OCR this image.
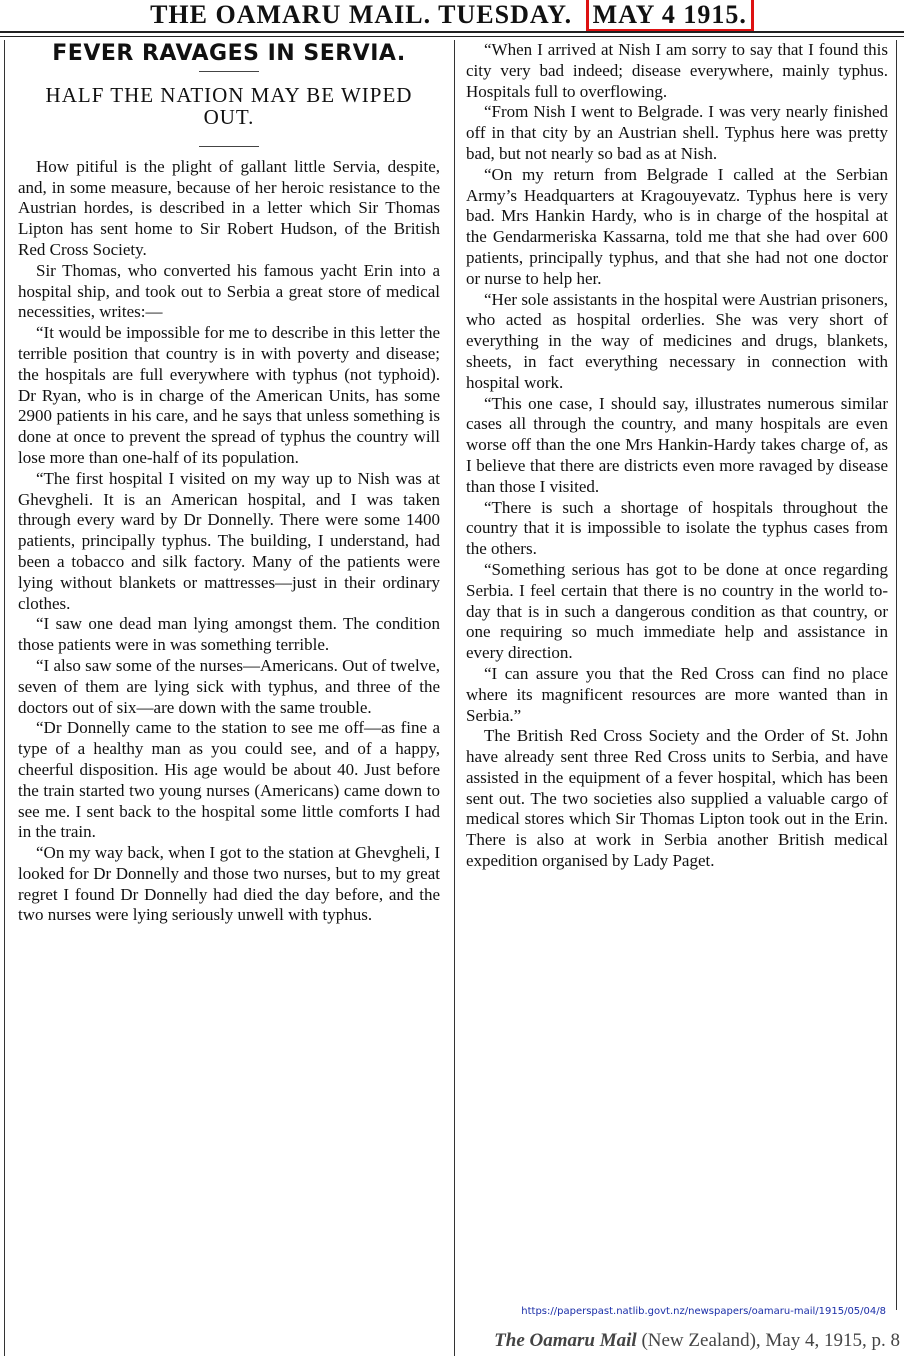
THE OAMARU MAIL. TUESDAY. MAY 4 1915.
FEVER RAVAGES IN SERVIA.
HALF THE NATION MAY BE WIPED OUT.

How pitiful is the plight of gallant little Servia, despite, and, in some measure, because of her heroic resistance to the Austrian hordes, is described in a letter which Sir Thomas Lipton has sent home to Sir Robert Hudson, of the British Red Cross Society.

Sir Thomas, who converted his famous yacht Erin into a hospital ship, and took out to Serbia a great store of medical necessities, writes:—

“It would be impossible for me to describe in this letter the terrible position that country is in with poverty and disease; the hospitals are full everywhere with typhus (not typhoid). Dr Ryan, who is in charge of the American Units, has some 2900 patients in his care, and he says that unless something is done at once to prevent the spread of typhus the country will lose more than one-half of its population.

“The first hospital I visited on my way up to Nish was at Ghevgheli. It is an American hospital, and I was taken through every ward by Dr Donnelly. There were some 1400 patients, principally typhus. The building, I understand, had been a tobacco and silk factory. Many of the patients were lying without blankets or mattresses—just in their ordinary clothes.

“I saw one dead man lying amongst them. The condition those patients were in was something terrible.

“I also saw some of the nurses—Americans. Out of twelve, seven of them are lying sick with typhus, and three of the doctors out of six—are down with the same trouble.

“Dr Donnelly came to the station to see me off—as fine a type of a healthy man as you could see, and of a happy, cheerful disposition. His age would be about 40. Just before the train started two young nurses (Americans) came down to see me. I sent back to the hospital some little comforts I had in the train.

“On my way back, when I got to the station at Ghevgheli, I looked for Dr Donnelly and those two nurses, but to my great regret I found Dr Donnelly had died the day before, and the two nurses were lying seriously unwell with typhus.

“When I arrived at Nish I am sorry to say that I found this city very bad indeed; disease everywhere, mainly typhus. Hospitals full to overflowing.

“From Nish I went to Belgrade. I was very nearly finished off in that city by an Austrian shell. Typhus here was pretty bad, but not nearly so bad as at Nish.

“On my return from Belgrade I called at the Serbian Army’s Headquarters at Kragouyevatz. Typhus here is very bad. Mrs Hankin Hardy, who is in charge of the hospital at the Gendarmeriska Kassarna, told me that she had over 600 patients, principally typhus, and that she had not one doctor or nurse to help her.

“Her sole assistants in the hospital were Austrian prisoners, who acted as hospital orderlies. She was very short of everything in the way of medicines and drugs, blankets, sheets, in fact everything necessary in connection with hospital work.

“This one case, I should say, illustrates numerous similar cases all through the country, and many hospitals are even worse off than the one Mrs Hankin-Hardy takes charge of, as I believe that there are districts even more ravaged by disease than those I visited.

“There is such a shortage of hospitals throughout the country that it is impossible to isolate the typhus cases from the others.

“Something serious has got to be done at once regarding Serbia. I feel certain that there is no country in the world to-day that is in such a dangerous condition as that country, or one requiring so much immediate help and assistance in every direction.

“I can assure you that the Red Cross can find no place where its magnificent resources are more wanted than in Serbia.”

The British Red Cross Society and the Order of St. John have already sent three Red Cross units to Serbia, and have assisted in the equipment of a fever hospital, which has been sent out. The two societies also supplied a valuable cargo of medical stores which Sir Thomas Lipton took out in the Erin. There is also at work in Serbia another British medical expedition organised by Lady Paget.

https://paperspast.natlib.govt.nz/newspapers/oamaru-mail/1915/05/04/8
The Oamaru Mail (New Zealand), May 4, 1915, p. 8
